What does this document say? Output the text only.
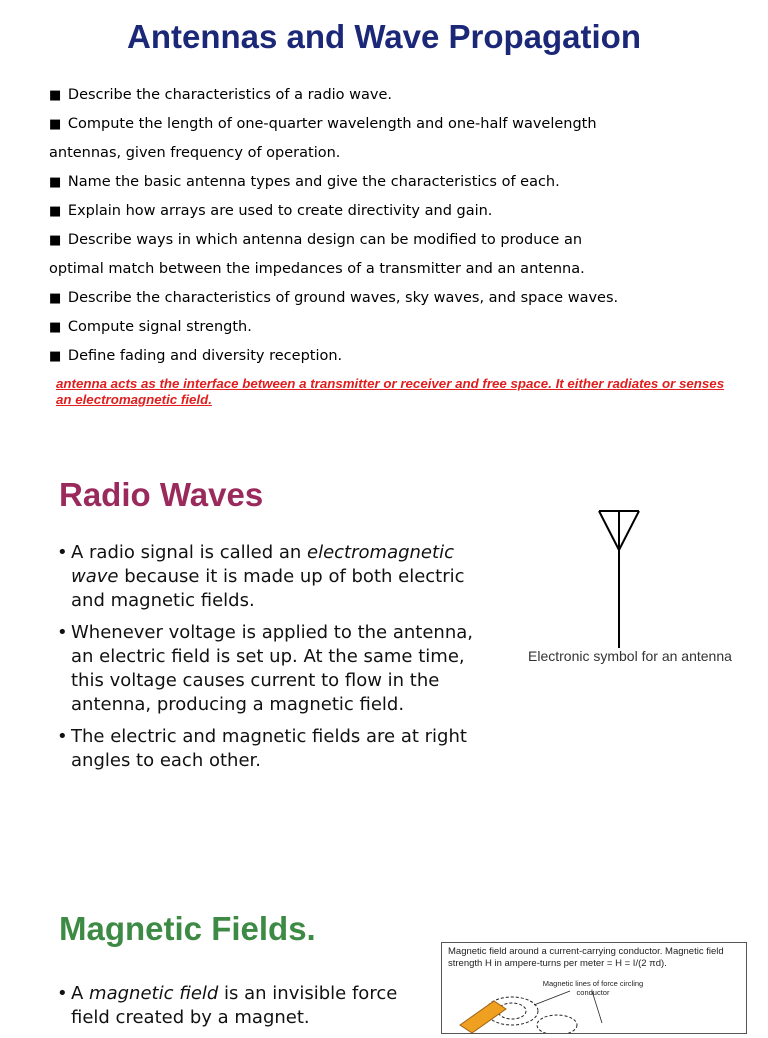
Antennas and Wave Propagation
■ Describe the characteristics of a radio wave.
■ Compute the length of one-quarter wavelength and one-half wavelength
antennas, given frequency of operation.
■ Name the basic antenna types and give the characteristics of each.
■ Explain how arrays are used to create directivity and gain.
■ Describe ways in which antenna design can be modified to produce an
optimal match between the impedances of a transmitter and an antenna.
■ Describe the characteristics of ground waves, sky waves, and space waves.
■ Compute signal strength.
■ Define fading and diversity reception.
antenna acts as the interface between a transmitter or receiver and free space. It either radiates or senses an electromagnetic field.
Radio Waves
• A radio signal is called an electromagnetic wave because it is made up of both electric and magnetic fields.
• Whenever voltage is applied to the antenna, an electric field is set up. At the same time, this voltage causes current to flow in the antenna, producing a magnetic field.
• The electric and magnetic fields are at right angles to each other.
Electronic symbol for an antenna
Magnetic Fields.
• A magnetic field is an invisible force field created by a magnet.
Magnetic field around a current-carrying conductor. Magnetic field strength H in ampere-turns per meter = H = I/(2 πd).
Magnetic lines of force circling conductor
